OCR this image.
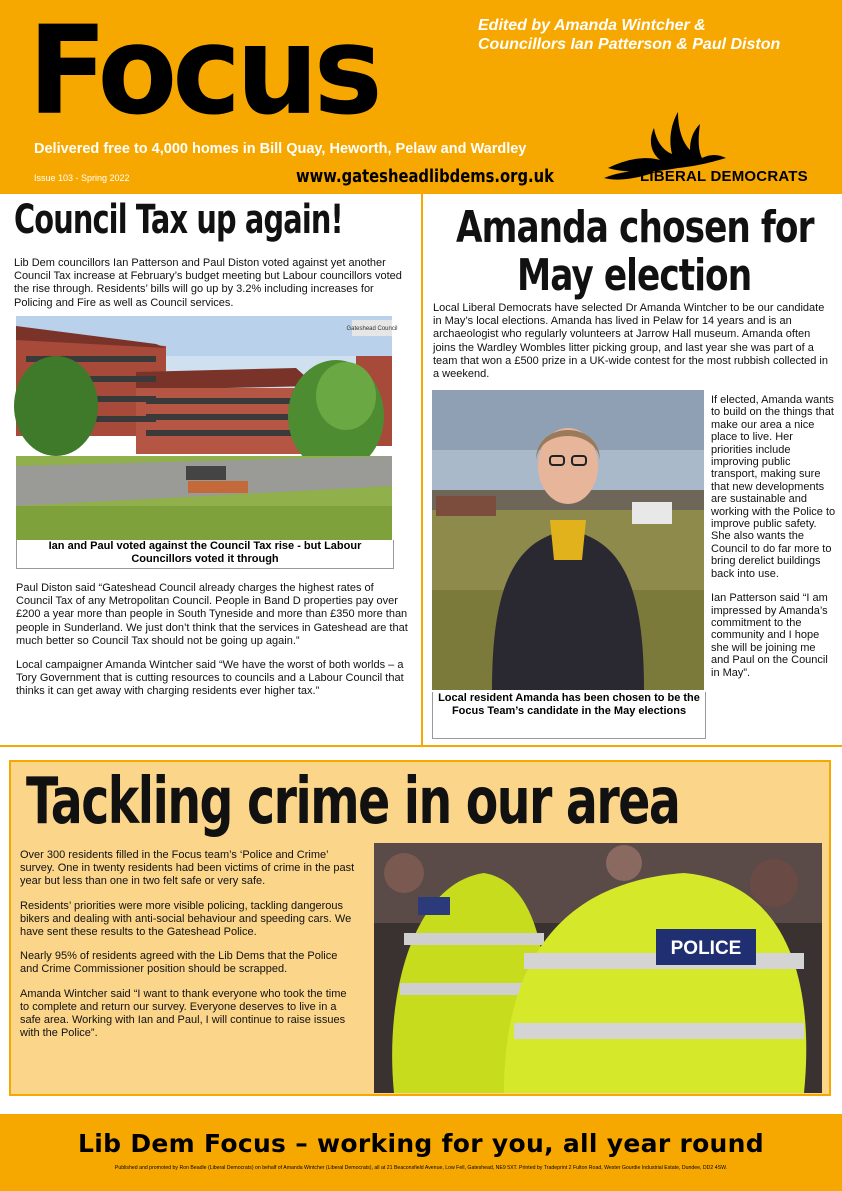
Focus	Edited by Amanda Wintcher &
Councillors Ian Patterson & Paul Diston
Delivered free to 4,000 homes in Bill Quay, Heworth, Pelaw and Wardley
Issue 103 - Spring 2022	www.gatesheadlibdems.org.uk	LIBERAL DEMOCRATS
Council Tax up again!
Lib Dem councillors Ian Patterson and Paul Diston voted against yet another Council Tax increase at February’s budget meeting but Labour councillors voted the rise through. Residents’ bills will go up by 3.2% including increases for Policing and Fire as well as Council services.
Gateshead Council
Ian and Paul voted against the Council Tax rise - but Labour Councillors voted it through

Paul Diston said “Gateshead Council already charges the highest rates of Council Tax of any Metropolitan Council. People in Band D properties pay over £200 a year more than people in South Tyneside and more than £350 more than people in Sunderland. We just don’t think that the services in Gateshead are that much better so Council Tax should not be going up again.”

Local campaigner Amanda Wintcher said “We have the worst of both worlds – a Tory Government that is cutting resources to councils and a Labour Council that thinks it can get away with charging residents ever higher tax.”

Amanda chosen for
May election
Local Liberal Democrats have selected Dr Amanda Wintcher to be our candidate in May’s local elections. Amanda has lived in Pelaw for 14 years and is an archaeologist who regularly volunteers at Jarrow Hall museum. Amanda often joins the Wardley Wombles litter picking group, and last year she was part of a team that won a £500 prize in a UK-wide contest for the most rubbish collected in a weekend.
Local resident Amanda has been chosen to be the Focus Team’s candidate in the May elections

If elected, Amanda wants to build on the things that make our area a nice place to live. Her priorities include improving public transport, making sure that new developments are sustainable and working with the Police to improve public safety. She also wants the Council to do far more to bring derelict buildings back into use.

Ian Patterson said “I am impressed by Amanda’s commitment to the community and I hope she will be joining me and Paul on the Council in May”.

Tackling crime in our area

Over 300 residents filled in the Focus team’s ‘Police and Crime’ survey. One in twenty residents had been victims of crime in the past year but less than one in two felt safe or very safe.

Residents’ priorities were more visible policing, tackling dangerous bikers and dealing with anti-social behaviour and speeding cars. We have sent these results to the Gateshead Police.

Nearly 95% of residents agreed with the Lib Dems that the Police and Crime Commissioner position should be scrapped.

Amanda Wintcher said “I want to thank everyone who took the time to complete and return our survey. Everyone deserves to live in a safe area. Working with Ian and Paul, I will continue to raise issues with the Police”.

POLICE
Lib Dem Focus – working for you, all year round
Published and promoted by Ron Beadle (Liberal Democrats) on behalf of Amanda Wintcher (Liberal Democrats), all at 21 Beaconsfield Avenue, Low Fell, Gateshead, NE9 5XT. Printed by Tradeprint 2 Fulton Road, Wester Gourdie Industrial Estate, Dundee, DD2 4SW.
